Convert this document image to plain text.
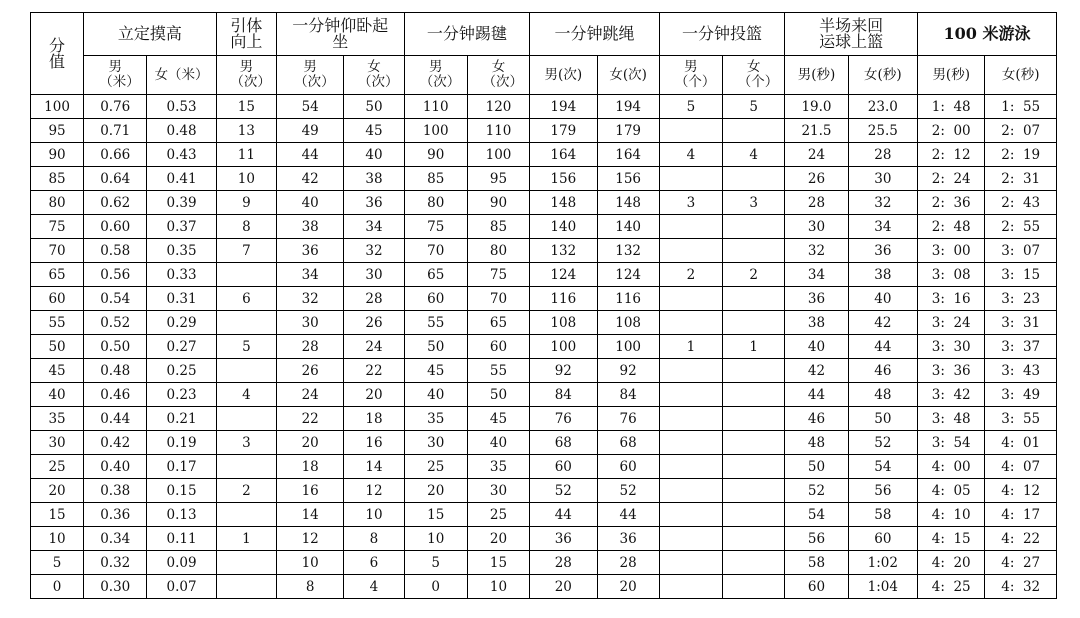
分值	立定摸高		引体向上	一分钟仰卧起坐		一分钟踢毽		一分钟跳绳		一分钟投篮		半场来回运球上篮		100 米游泳	
	男（米）	女（米）	男（次）	男（次）	女（次）	男（次）	女（次）	男(次)	女(次)	男（个）	女（个）	男(秒)	女(秒)	男(秒)	女(秒)
100	0.76	0.53	15	54	50	110	120	194	194	5	5	19.0	23.0	1:  48	1:  55
95	0.71	0.48	13	49	45	100	110	179	179			21.5	25.5	2:  00	2:  07
90	0.66	0.43	11	44	40	90	100	164	164	4	4	24	28	2:  12	2:  19
85	0.64	0.41	10	42	38	85	95	156	156			26	30	2:  24	2:  31
80	0.62	0.39	9	40	36	80	90	148	148	3	3	28	32	2:  36	2:  43
75	0.60	0.37	8	38	34	75	85	140	140			30	34	2:  48	2:  55
70	0.58	0.35	7	36	32	70	80	132	132			32	36	3:  00	3:  07
65	0.56	0.33		34	30	65	75	124	124	2	2	34	38	3:  08	3:  15
60	0.54	0.31	6	32	28	60	70	116	116			36	40	3:  16	3:  23
55	0.52	0.29		30	26	55	65	108	108			38	42	3:  24	3:  31
50	0.50	0.27	5	28	24	50	60	100	100	1	1	40	44	3:  30	3:  37
45	0.48	0.25		26	22	45	55	92	92			42	46	3:  36	3:  43
40	0.46	0.23	4	24	20	40	50	84	84			44	48	3:  42	3:  49
35	0.44	0.21		22	18	35	45	76	76			46	50	3:  48	3:  55
30	0.42	0.19	3	20	16	30	40	68	68			48	52	3:  54	4:  01
25	0.40	0.17		18	14	25	35	60	60			50	54	4:  00	4:  07
20	0.38	0.15	2	16	12	20	30	52	52			52	56	4:  05	4:  12
15	0.36	0.13		14	10	15	25	44	44			54	58	4:  10	4:  17
10	0.34	0.11	1	12	8	10	20	36	36			56	60	4:  15	4:  22
5	0.32	0.09		10	6	5	15	28	28			58	1:02	4:  20	4:  27
0	0.30	0.07		8	4	0	10	20	20			60	1:04	4:  25	4:  32
